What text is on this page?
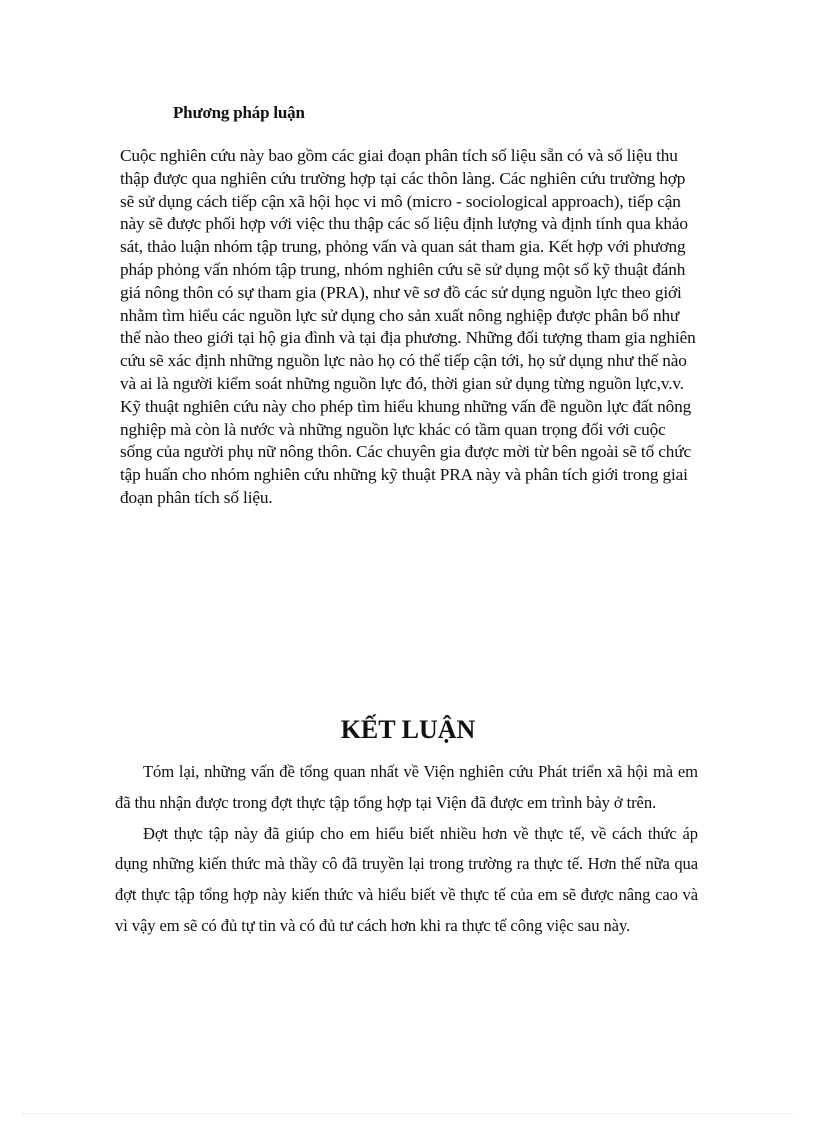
Phương pháp luận

Cuộc nghiên cứu này bao gồm các giai đoạn phân tích số liệu sẵn có và số liệu thu thập được qua nghiên cứu trường hợp tại các thôn làng. Các nghiên cứu trường hợp sẽ sử dụng cách tiếp cận xã hội học vi mô (micro - sociological approach), tiếp cận này sẽ được phối hợp với việc thu thập các số liệu định lượng và định tính qua khảo sát, thảo luận nhóm tập trung, phỏng vấn và quan sát tham gia. Kết hợp với phương pháp phỏng vấn nhóm tập trung, nhóm nghiên cứu sẽ sử dụng một số kỹ thuật đánh giá nông thôn có sự tham gia (PRA), như vẽ sơ đồ các sử dụng nguồn lực theo giới nhằm tìm hiểu các nguồn lực sử dụng cho sản xuất nông nghiệp được phân bổ như thế nào theo giới tại hộ gia đình và tại địa phương. Những đối tượng tham gia nghiên cứu sẽ xác định những nguồn lực nào họ có thể tiếp cận tới, họ sử dụng như thế nào và ai là người kiểm soát những nguồn lực đó, thời gian sử dụng từng nguồn lực,v.v. Kỹ thuật nghiên cứu này cho phép tìm hiểu khung những vấn đề nguồn lực đất nông nghiệp mà còn là nước và những nguồn lực khác có tầm quan trọng đối với cuộc sống của người phụ nữ nông thôn. Các chuyên gia được mời từ bên ngoài sẽ tổ chức tập huấn cho nhóm nghiên cứu những kỹ thuật PRA này và phân tích giới trong giai đoạn phân tích số liệu.

KẾT LUẬN

Tóm lại, những vấn đề tổng quan nhất về Viện nghiên cứu Phát triển xã hội mà em đã thu nhận được trong đợt thực tập tổng hợp tại Viện đã được em trình bày ở trên.

Đợt thực tập này đã giúp cho em hiểu biết nhiều hơn về thực tế, về cách thức áp dụng những kiến thức mà thầy cô đã truyền lại trong trường ra thực tế. Hơn thế nữa qua đợt thực tập tổng hợp này kiến thức và hiểu biết về thực tế của em sẽ được nâng cao và vì vậy em sẽ có đủ tự tin và có đủ tư cách hơn khi ra thực tế công việc sau này.
